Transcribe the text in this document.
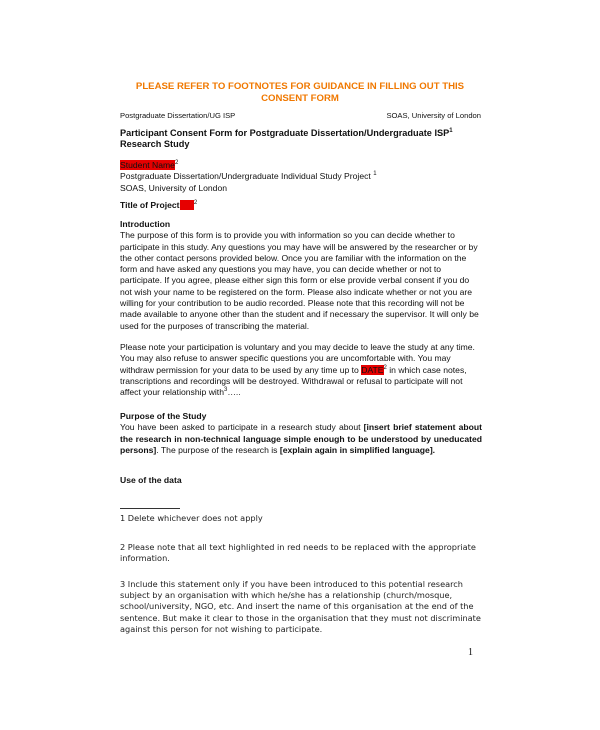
PLEASE REFER TO FOOTNOTES FOR GUIDANCE IN FILLING OUT THIS CONSENT FORM
Postgraduate Dissertation/UG ISP	SOAS, University of London
Participant Consent Form for Postgraduate Dissertation/Undergraduate ISP$^1$ Research Study
Student Name$^2$
Postgraduate Dissertation/Undergraduate Individual Study Project $^1$
SOAS, University of London
Title of Project $^2$
Introduction
The purpose of this form is to provide you with information so you can decide whether to participate in this study. Any questions you may have will be answered by the researcher or by the other contact persons provided below. Once you are familiar with the information on the form and have asked any questions you may have, you can decide whether or not to participate. If you agree, please either sign this form or else provide verbal consent if you do not wish your name to be registered on the form. Please also indicate whether or not you are willing for your contribution to be audio recorded. Please note that this recording will not be made available to anyone other than the student and if necessary the supervisor. It will only be used for the purposes of transcribing the material.
Please note your participation is voluntary and you may decide to leave the study at any time. You may also refuse to answer specific questions you are uncomfortable with. You may withdraw permission for your data to be used by any time up to DATE$^2$ in which case notes, transcriptions and recordings will be destroyed. Withdrawal or refusal to participate will not affect your relationship with$^3$…..
Purpose of the Study
You have been asked to participate in a research study about [insert brief statement about the research in non-technical language simple enough to be understood by uneducated persons]. The purpose of the research is [explain again in simplified language].
Use of the data
1 Delete whichever does not apply
2 Please note that all text highlighted in red needs to be replaced with the appropriate information.
3 Include this statement only if you have been introduced to this potential research subject by an organisation with which he/she has a relationship (church/mosque, school/university, NGO, etc. And insert the name of this organisation at the end of the sentence. But make it clear to those in the organisation that they must not discriminate against this person for not wishing to participate.
1
